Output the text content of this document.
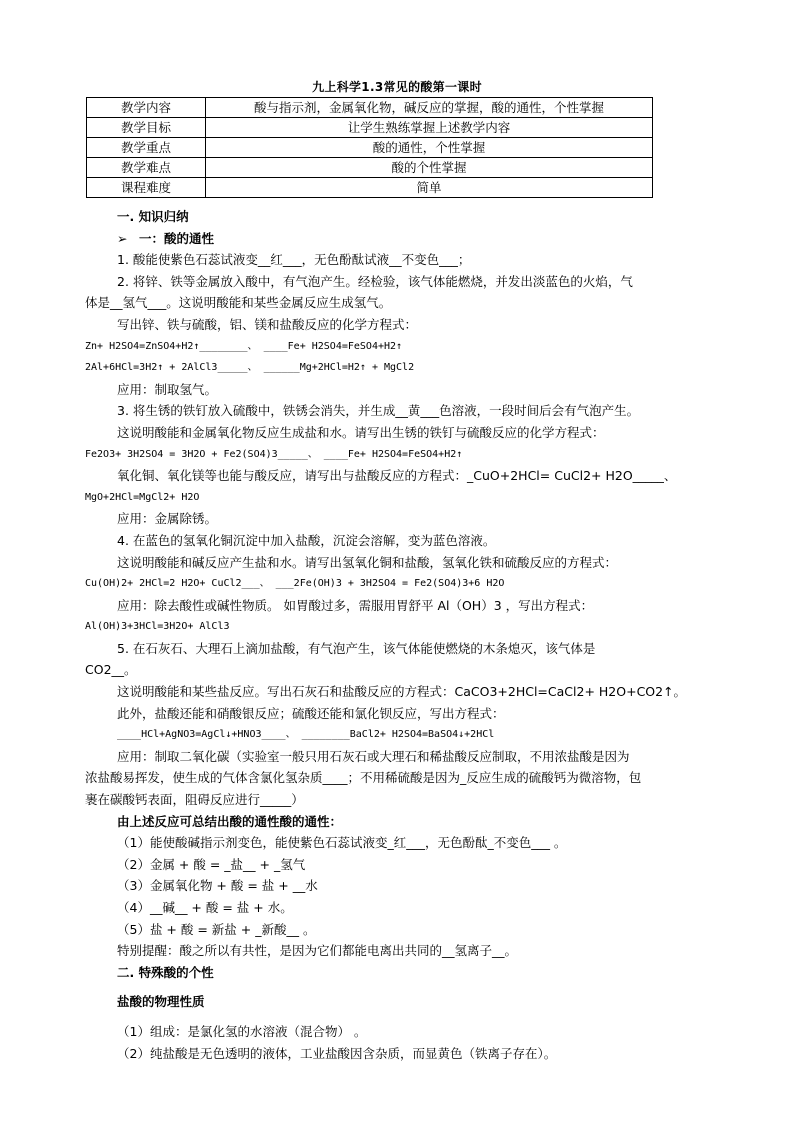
九上科学1.3常见的酸第一课时
教学内容	酸与指示剂，金属氧化物，碱反应的掌握，酸的通性，个性掌握
教学目标	让学生熟练掌握上述教学内容
教学重点	酸的通性，个性掌握
教学难点	酸的个性掌握
课程难度	简单
一. 知识归纳
➢ 一：酸的通性
1. 酸能使紫色石蕊试液变__红___，无色酚酞试液__不变色___；
2. 将锌、铁等金属放入酸中，有气泡产生。经检验，该气体能燃烧，并发出淡蓝色的火焰，气
体是__氢气___。这说明酸能和某些金属反应生成氢气。
写出锌、铁与硫酸，铝、镁和盐酸反应的化学方程式：
Zn+ H2SO4=ZnSO4+H2↑________、 ____Fe+ H2SO4=FeSO4+H2↑
2Al+6HCl=3H2↑ + 2AlCl3_____、 ______Mg+2HCl=H2↑ + MgCl2
应用：制取氢气。
3. 将生锈的铁钉放入硫酸中，铁锈会消失，并生成__黄___色溶液，一段时间后会有气泡产生。
这说明酸能和金属氧化物反应生成盐和水。请写出生锈的铁钉与硫酸反应的化学方程式：
Fe2O3+ 3H2SO4 = 3H2O + Fe2(SO4)3_____、 ____Fe+ H2SO4=FeSO4+H2↑
氧化铜、氧化镁等也能与酸反应，请写出与盐酸反应的方程式：_CuO+2HCl= CuCl2+ H2O_____、
MgO+2HCl=MgCl2+ H2O
应用：金属除锈。
4. 在蓝色的氢氧化铜沉淀中加入盐酸，沉淀会溶解，变为蓝色溶液。
这说明酸能和碱反应产生盐和水。请写出氢氧化铜和盐酸，氢氧化铁和硫酸反应的方程式：
Cu(OH)2+ 2HCl=2 H2O+ CuCl2___、 ___2Fe(OH)3 + 3H2SO4 = Fe2(SO4)3+6 H2O
应用：除去酸性或碱性物质。 如胃酸过多，需服用胃舒平 Al（OH）3 ，写出方程式：
Al(OH)3+3HCl=3H2O+ AlCl3
5. 在石灰石、大理石上滴加盐酸，有气泡产生，该气体能使燃烧的木条熄灭，该气体是
CO2__。
这说明酸能和某些盐反应。写出石灰石和盐酸反应的方程式：CaCO3+2HCl=CaCl2+ H2O+CO2↑。
此外，盐酸还能和硝酸银反应；硫酸还能和氯化钡反应，写出方程式：
____HCl+AgNO3=AgCl↓+HNO3____、 ________BaCl2+ H2SO4=BaSO4↓+2HCl
应用：制取二氧化碳（实验室一般只用石灰石或大理石和稀盐酸反应制取，不用浓盐酸是因为
浓盐酸易挥发，使生成的气体含氯化氢杂质____；不用稀硫酸是因为_反应生成的硫酸钙为微溶物，包
裹在碳酸钙表面，阻碍反应进行_____）
由上述反应可总结出酸的通性酸的通性：
（1）能使酸碱指示剂变色，能使紫色石蕊试液变_红___，无色酚酞_不变色___ 。
（2）金属 + 酸 = _盐__ + _氢气
（3）金属氧化物 + 酸 = 盐 + __水
（4）__碱__ + 酸 = 盐 + 水。
（5）盐 + 酸 = 新盐 + _新酸__ 。
特别提醒：酸之所以有共性，是因为它们都能电离出共同的__氢离子__。
二. 特殊酸的个性
盐酸的物理性质
（1）组成：是氯化氢的水溶液（混合物） 。
（2）纯盐酸是无色透明的液体，工业盐酸因含杂质，而显黄色（铁离子存在）。
